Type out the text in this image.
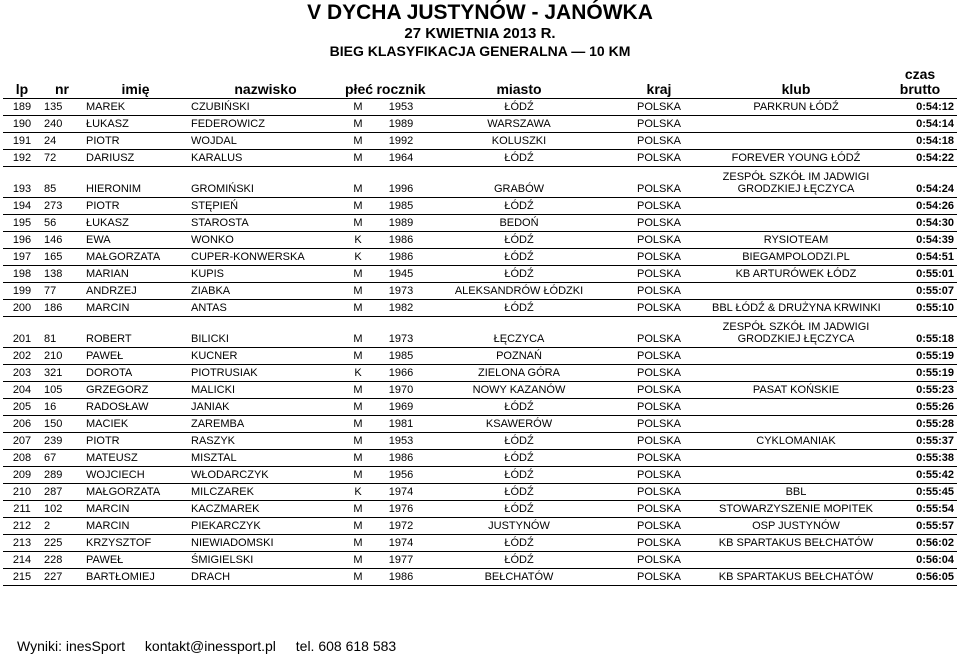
V DYCHA JUSTYNÓW - JANÓWKA
27 KWIETNIA 2013 R.
BIEG KLASYFIKACJA GENERALNA — 10 KM
lp	nr	imię	nazwisko	płeć	rocznik	miasto	kraj	klub	czas brutto
189	135	MAREK	CZUBIŃSKI	M	1953	ŁÓDŹ	POLSKA	PARKRUN ŁÓDŹ	0:54:12
190	240	ŁUKASZ	FEDEROWICZ	M	1989	WARSZAWA	POLSKA		0:54:14
191	24	PIOTR	WOJDAL	M	1992	KOLUSZKI	POLSKA		0:54:18
192	72	DARIUSZ	KARALUS	M	1964	ŁÓDŹ	POLSKA	FOREVER YOUNG ŁÓDŹ	0:54:22
193	85	HIERONIM	GROMIŃSKI	M	1996	GRABÓW	POLSKA	ZESPÓŁ SZKÓŁ IM JADWIGI GRODZKIEJ ŁĘCZYCA	0:54:24
194	273	PIOTR	STĘPIEŃ	M	1985	ŁÓDŹ	POLSKA		0:54:26
195	56	ŁUKASZ	STAROSTA	M	1989	BEDOŃ	POLSKA		0:54:30
196	146	EWA	WONKO	K	1986	ŁÓDŹ	POLSKA	RYSIOTEAM	0:54:39
197	165	MAŁGORZATA	CUPER-KONWERSKA	K	1986	ŁÓDŹ	POLSKA	BIEGAMPOLODZI.PL	0:54:51
198	138	MARIAN	KUPIS	M	1945	ŁÓDŹ	POLSKA	KB ARTURÓWEK ŁÓDZ	0:55:01
199	77	ANDRZEJ	ZIABKA	M	1973	ALEKSANDRÓW ŁÓDZKI	POLSKA		0:55:07
200	186	MARCIN	ANTAS	M	1982	ŁÓDŹ	POLSKA	BBL ŁÓDŹ & DRUŻYNA KRWINKI	0:55:10
201	81	ROBERT	BILICKI	M	1973	ŁĘCZYCA	POLSKA	ZESPÓŁ SZKÓŁ IM JADWIGI GRODZKIEJ ŁĘCZYCA	0:55:18
202	210	PAWEŁ	KUCNER	M	1985	POZNAŃ	POLSKA		0:55:19
203	321	DOROTA	PIOTRUSIAK	K	1966	ZIELONA GÓRA	POLSKA		0:55:19
204	105	GRZEGORZ	MALICKI	M	1970	NOWY KAZANÓW	POLSKA	PASAT KOŃSKIE	0:55:23
205	16	RADOSŁAW	JANIAK	M	1969	ŁÓDŹ	POLSKA		0:55:26
206	150	MACIEK	ZAREMBA	M	1981	KSAWERÓW	POLSKA		0:55:28
207	239	PIOTR	RASZYK	M	1953	ŁÓDŹ	POLSKA	CYKLOMANIAK	0:55:37
208	67	MATEUSZ	MISZTAL	M	1986	ŁÓDŹ	POLSKA		0:55:38
209	289	WOJCIECH	WŁODARCZYK	M	1956	ŁÓDŹ	POLSKA		0:55:42
210	287	MAŁGORZATA	MILCZAREK	K	1974	ŁÓDŹ	POLSKA	BBL	0:55:45
211	102	MARCIN	KACZMAREK	M	1976	ŁÓDŹ	POLSKA	STOWARZYSZENIE MOPITEK	0:55:54
212	2	MARCIN	PIEKARCZYK	M	1972	JUSTYNÓW	POLSKA	OSP JUSTYNÓW	0:55:57
213	225	KRZYSZTOF	NIEWIADOMSKI	M	1974	ŁÓDŹ	POLSKA	KB SPARTAKUS BEŁCHATÓW	0:56:02
214	228	PAWEŁ	ŚMIGIELSKI	M	1977	ŁÓDŹ	POLSKA		0:56:04
215	227	BARTŁOMIEJ	DRACH	M	1986	BEŁCHATÓW	POLSKA	KB SPARTAKUS BEŁCHATÓW	0:56:05
Wyniki: inesSport kontakt@inessport.pl tel. 608 618 583
